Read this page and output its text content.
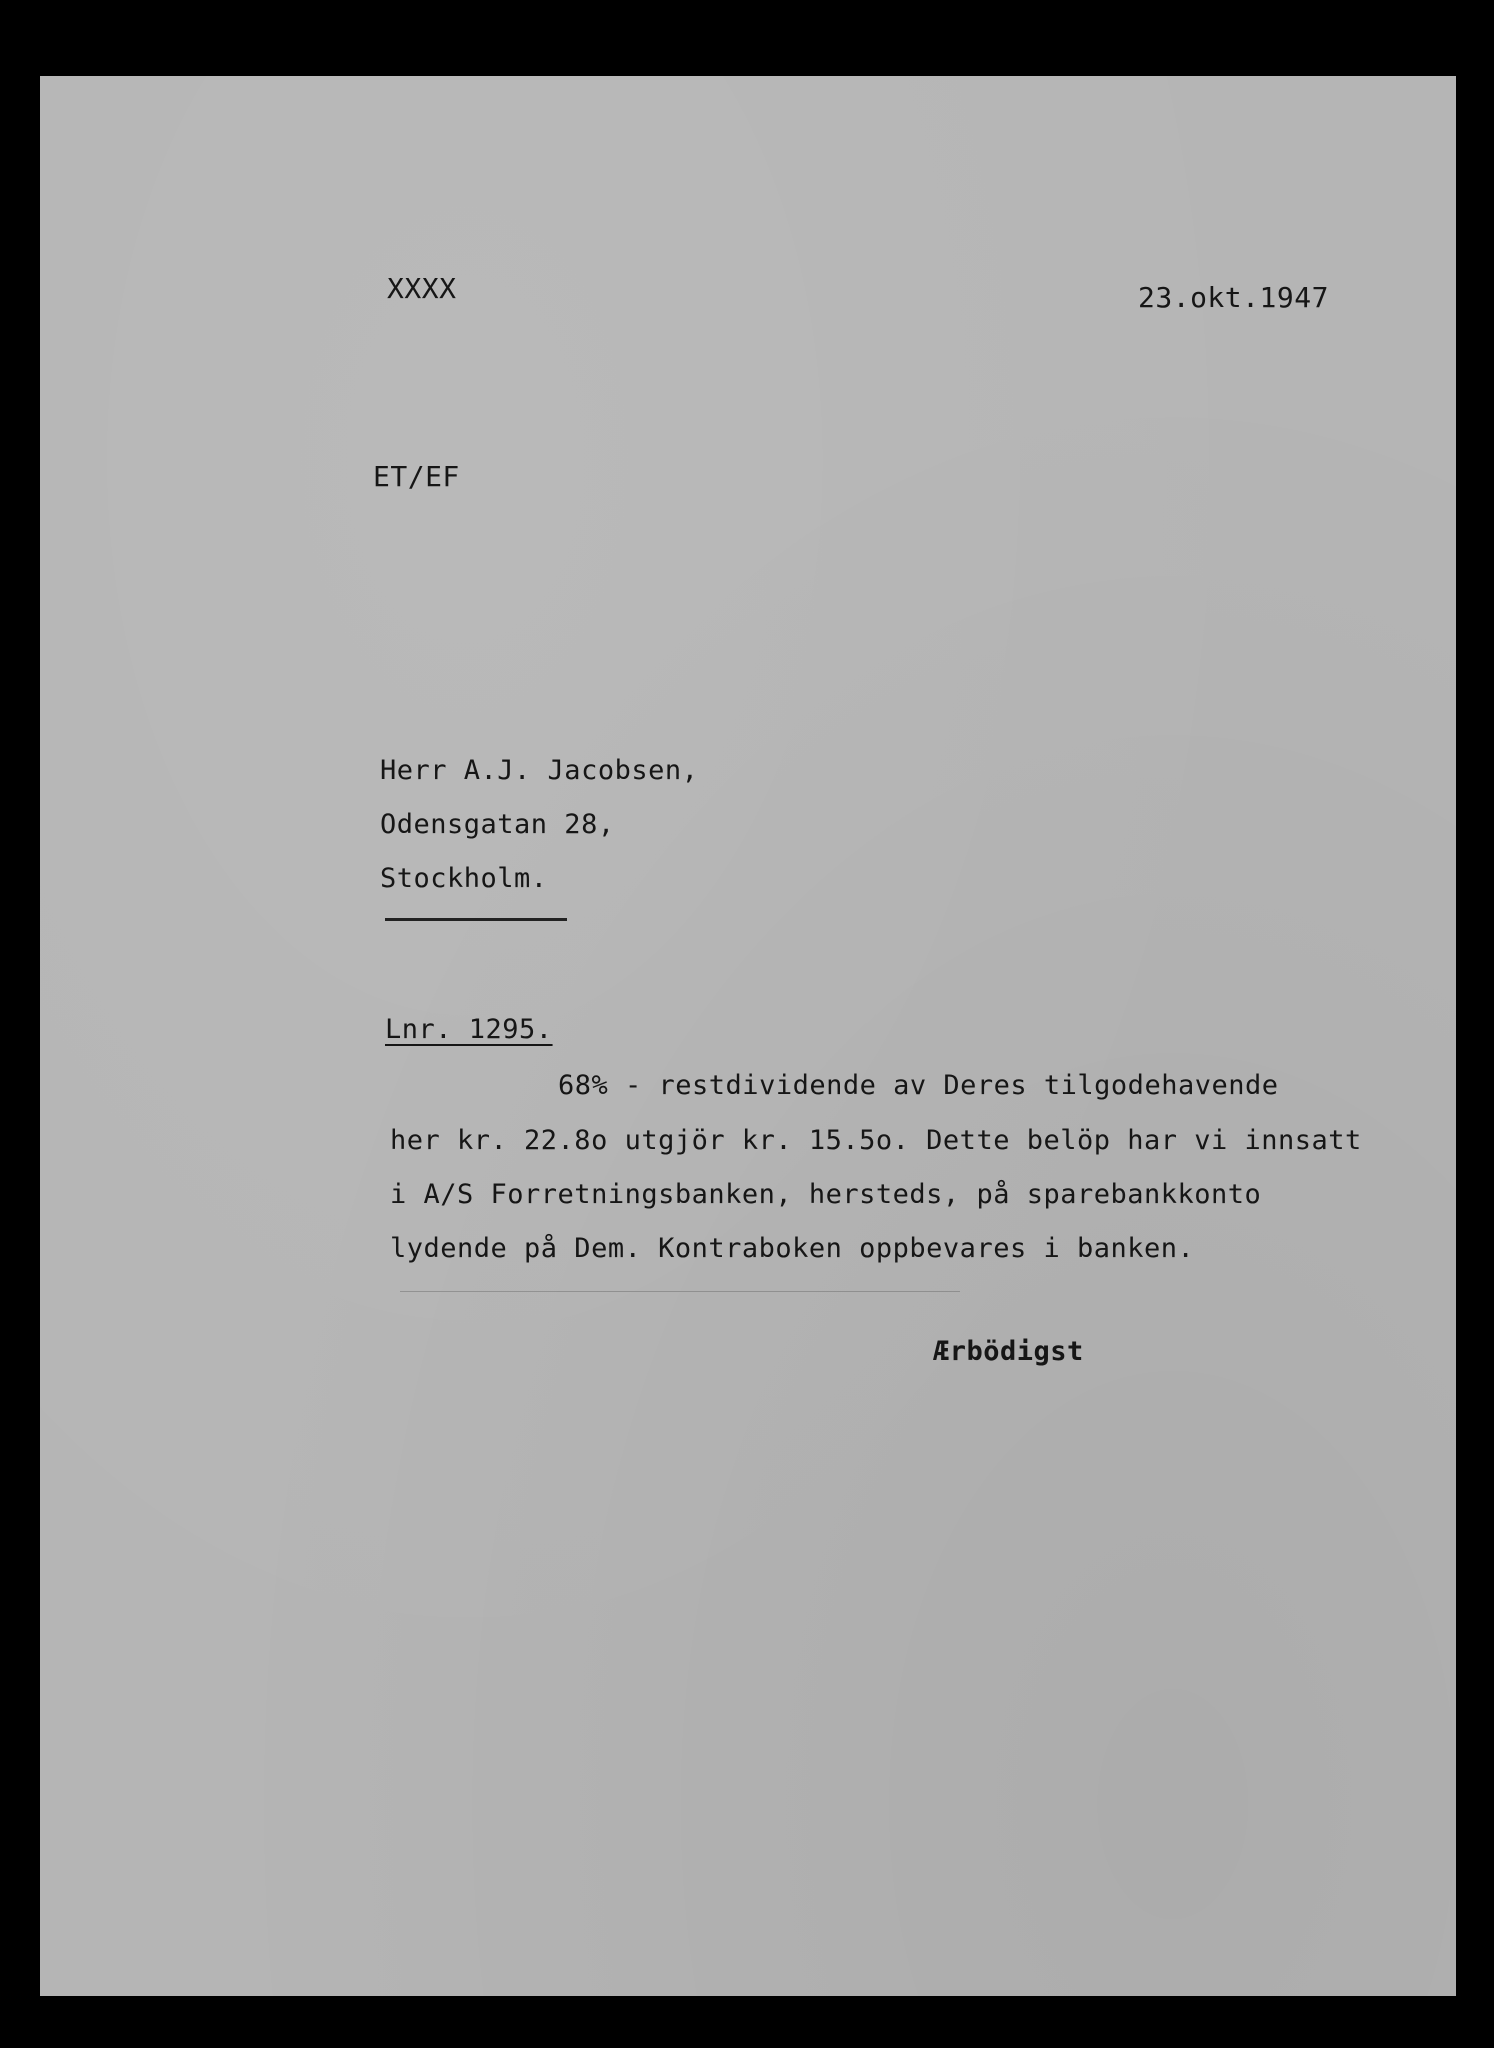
XXXX	23.okt.1947
ET/EF
Herr A.J. Jacobsen,
Odensgatan 28,
Stockholm.
Lnr. 1295.
68% - restdividende av Deres tilgodehavende
her kr. 22.8o utgjör kr. 15.5o. Dette belöp har vi innsatt
i A/S Forretningsbanken, hersteds, på sparebankkonto
lydende på Dem. Kontraboken oppbevares i banken.
Ærbödigst
